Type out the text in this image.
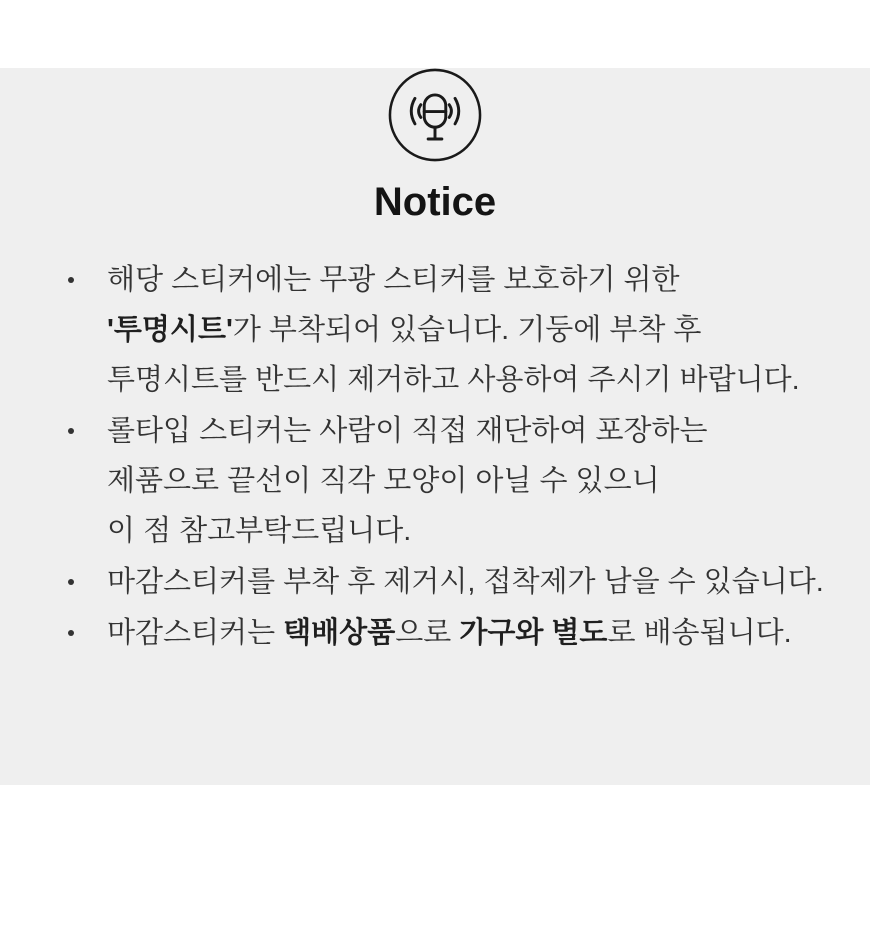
Notice
해당 스티커에는 무광 스티커를 보호하기 위한
'투명시트'가 부착되어 있습니다. 기둥에 부착 후
투명시트를 반드시 제거하고 사용하여 주시기 바랍니다.
롤타입 스티커는 사람이 직접 재단하여 포장하는
제품으로 끝선이 직각 모양이 아닐 수 있으니
이 점 참고부탁드립니다.
마감스티커를 부착 후 제거시, 접착제가 남을 수 있습니다.
마감스티커는 택배상품으로 가구와 별도로 배송됩니다.
